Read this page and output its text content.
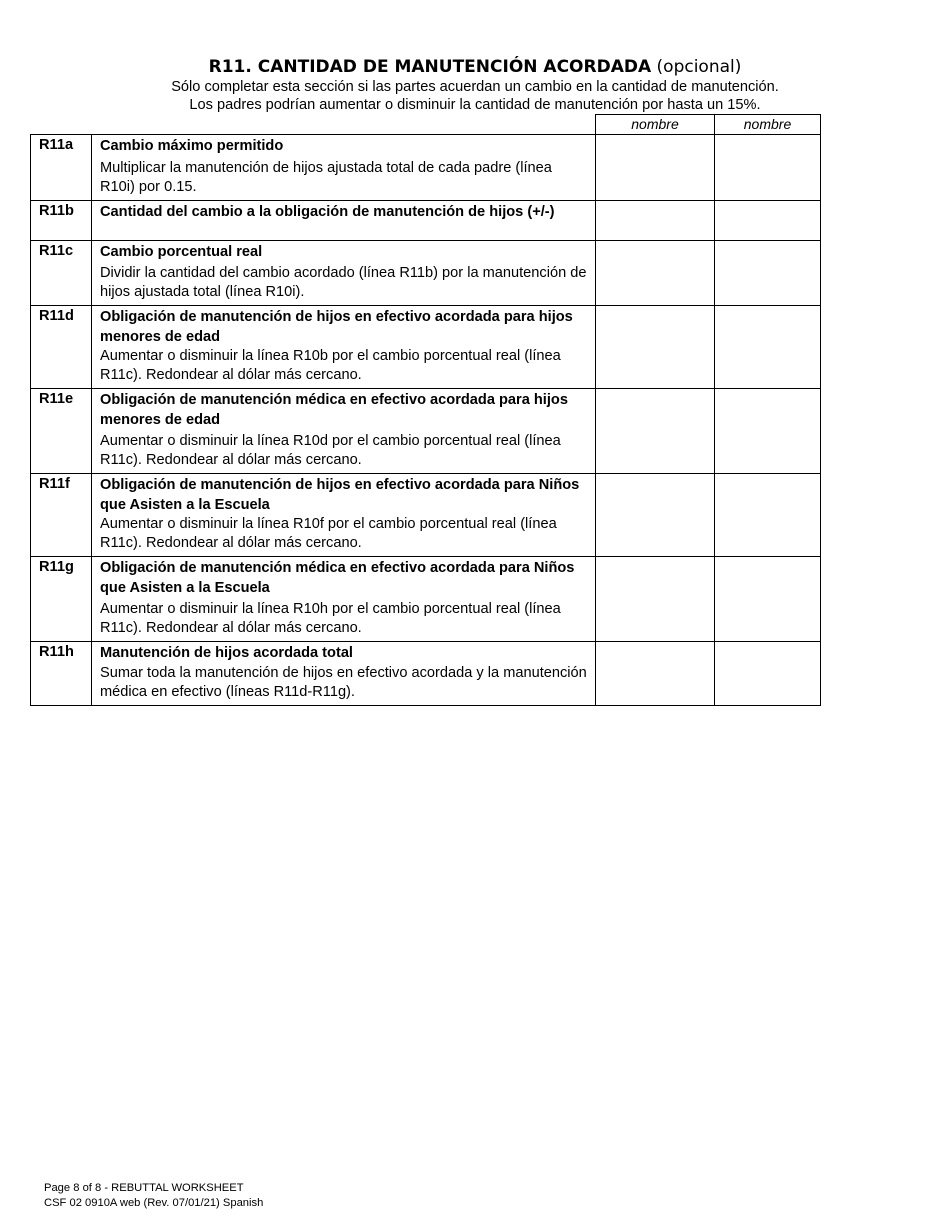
R11. CANTIDAD DE MANUTENCIÓN ACORDADA (opcional)
Sólo completar esta sección si las partes acuerdan un cambio en la cantidad de manutención.
Los padres podrían aumentar o disminuir la cantidad de manutención por hasta un 15%.
		nombre	nombre
R11a	Cambio máximo permitido
Multiplicar la manutención de hijos ajustada total de cada padre (línea R10i) por 0.15.		

R11b	Cantidad del cambio a la obligación de manutención de hijos (+/-)		

R11c	Cambio porcentual real
Dividir la cantidad del cambio acordado (línea R11b) por la manutención de hijos ajustada total (línea R10i).		

R11d	Obligación de manutención de hijos en efectivo acordada para hijos menores de edad
Aumentar o disminuir la línea R10b por el cambio porcentual real (línea R11c). Redondear al dólar más cercano.		

R11e	Obligación de manutención médica en efectivo acordada para hijos menores de edad
Aumentar o disminuir la línea R10d por el cambio porcentual real (línea R11c). Redondear al dólar más cercano.		

R11f	Obligación de manutención de hijos en efectivo acordada para Niños que Asisten a la Escuela
Aumentar o disminuir la línea R10f por el cambio porcentual real (línea R11c). Redondear al dólar más cercano.		

R11g	Obligación de manutención médica en efectivo acordada para Niños que Asisten a la Escuela
Aumentar o disminuir la línea R10h por el cambio porcentual real (línea R11c). Redondear al dólar más cercano.		

R11h	Manutención de hijos acordada total
Sumar toda la manutención de hijos en efectivo acordada y la manutención médica en efectivo (líneas R11d-R11g).		

Page 8 of 8 - REBUTTAL WORKSHEET
CSF 02 0910A web (Rev. 07/01/21) Spanish
